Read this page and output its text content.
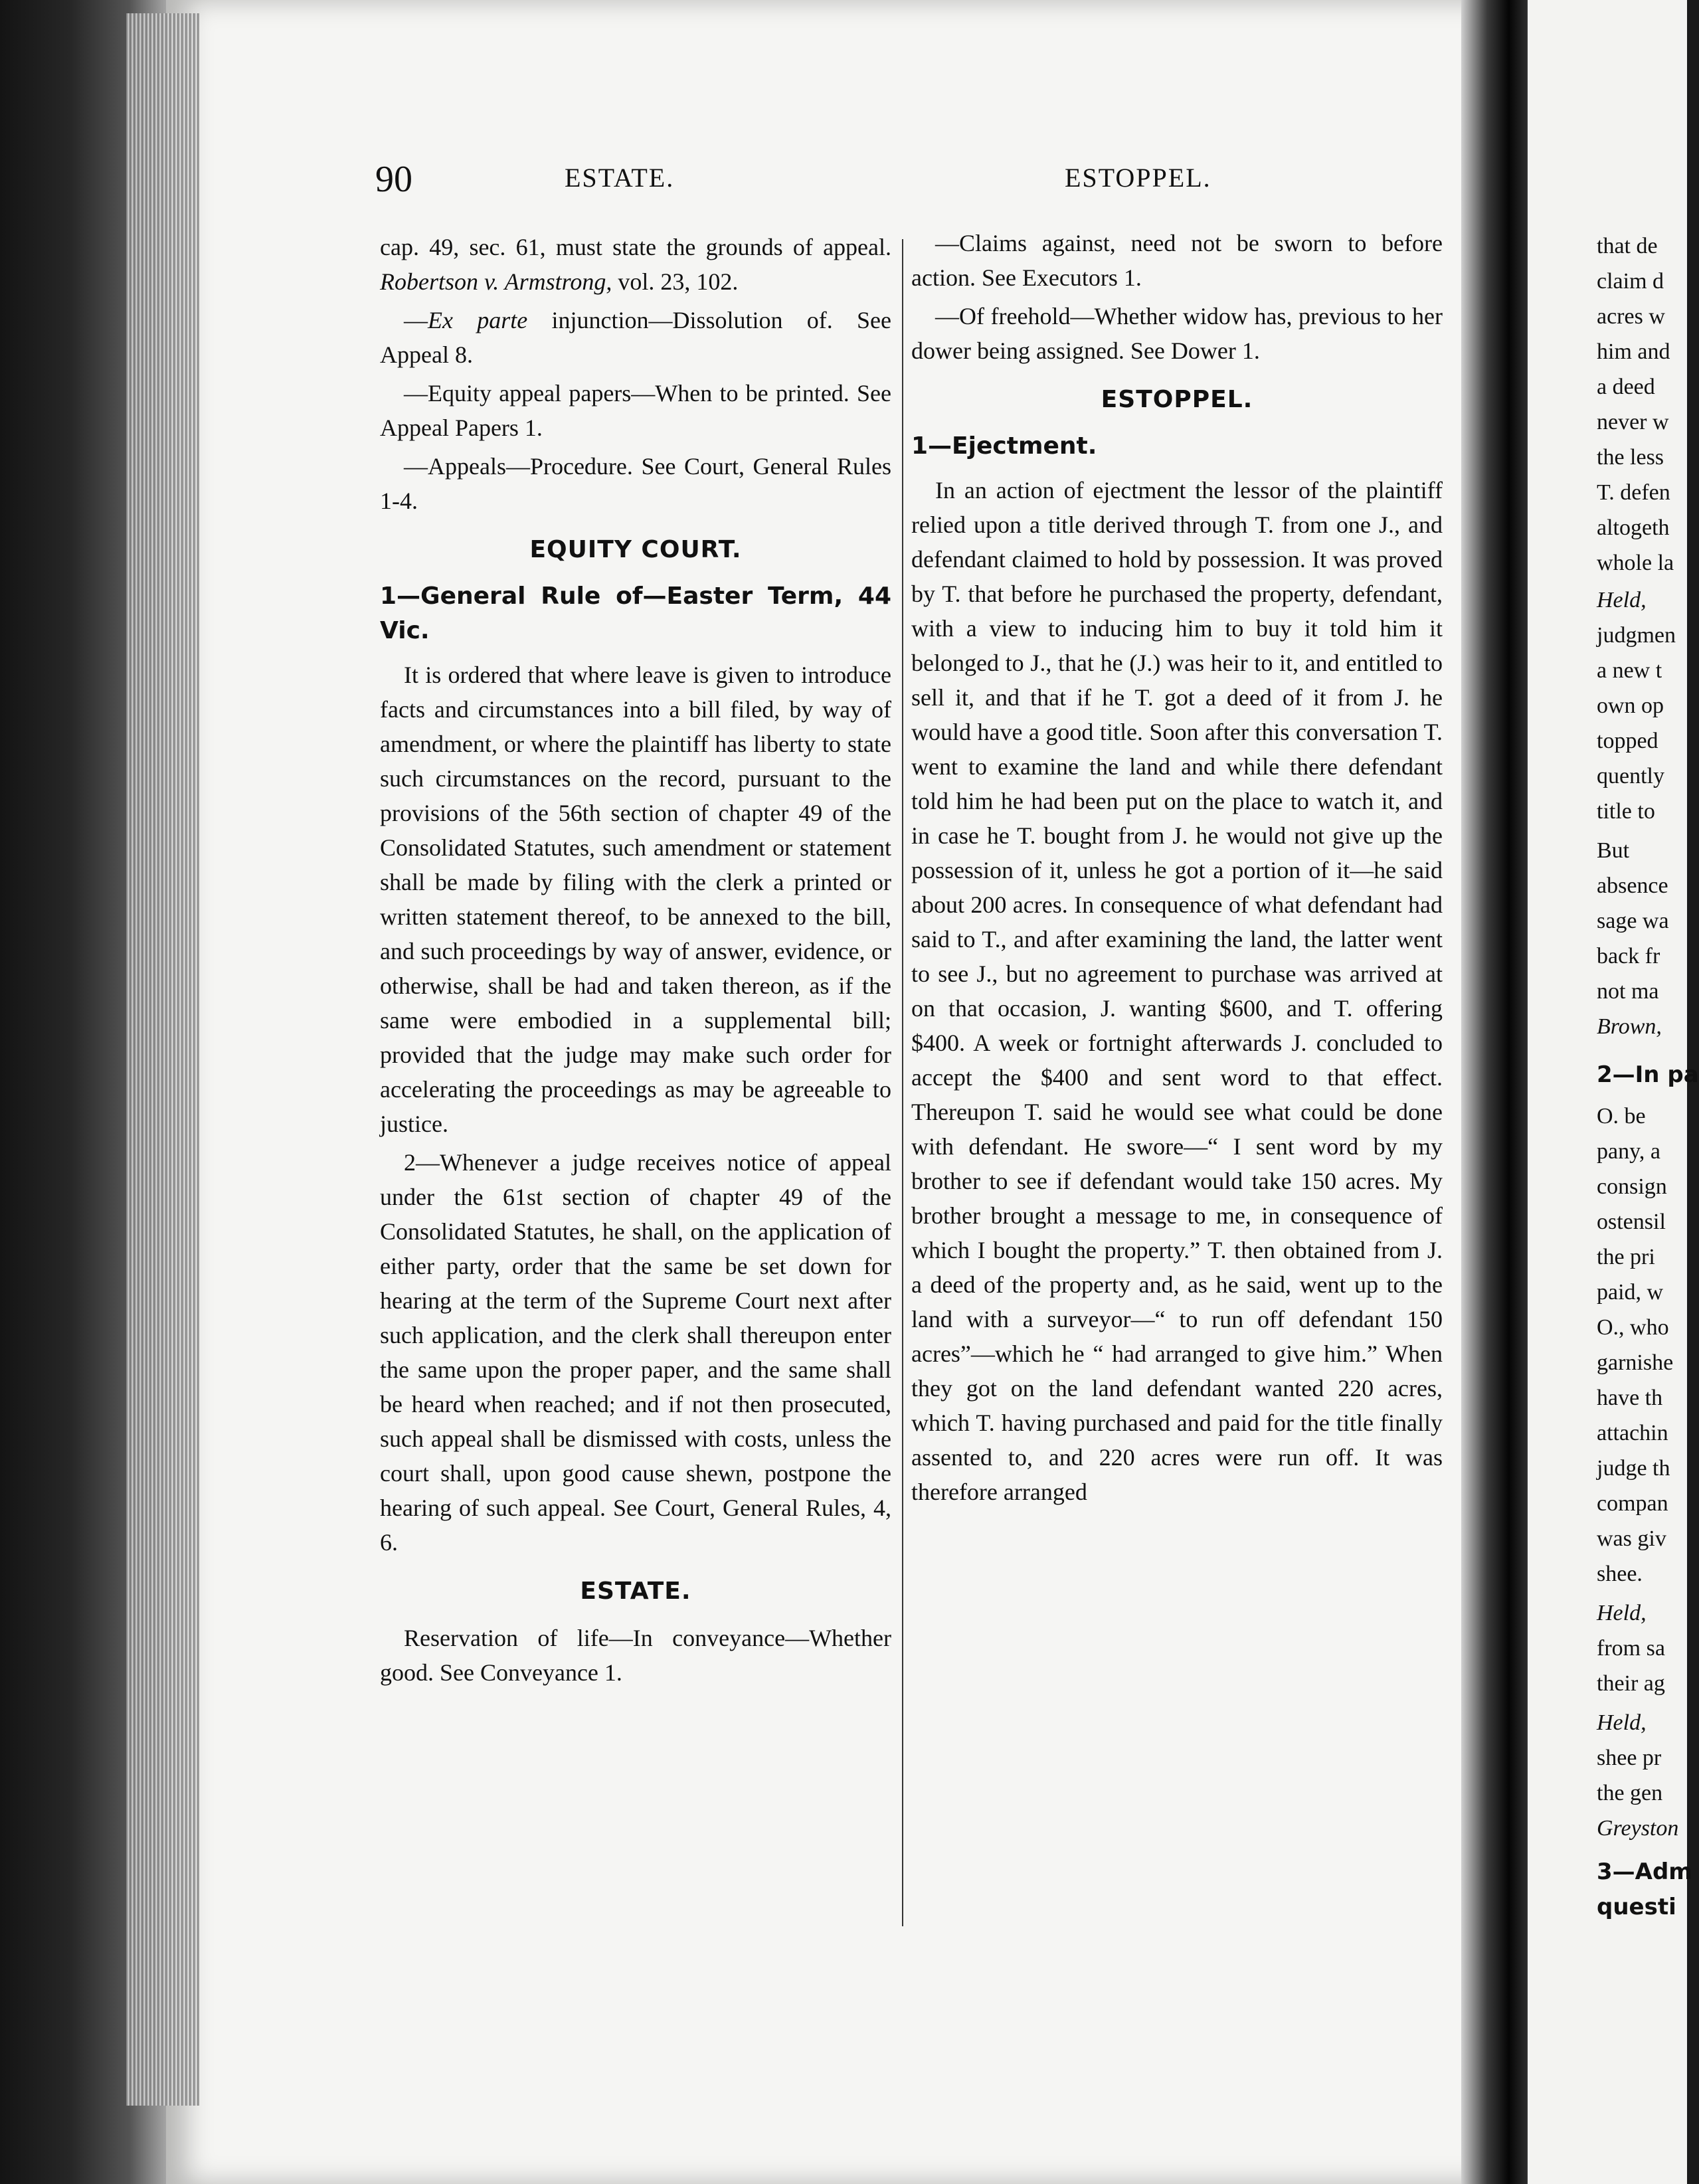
90	ESTATE.	ESTOPPEL.

cap. 49, sec. 61, must state the grounds of appeal. Robertson v. Armstrong, vol. 23, 102.

—Ex parte injunction—Dissolution of. See Appeal 8.

—Equity appeal papers—When to be printed. See Appeal Papers 1.

—Appeals—Procedure. See Court, General Rules 1-4.

EQUITY COURT.
1—General Rule of—Easter Term, 44 Vic.

It is ordered that where leave is given to introduce facts and circumstances into a bill filed, by way of amendment, or where the plaintiff has liberty to state such circumstances on the record, pursuant to the provisions of the 56th section of chapter 49 of the Consolidated Statutes, such amendment or statement shall be made by filing with the clerk a printed or written statement thereof, to be annexed to the bill, and such proceedings by way of answer, evidence, or otherwise, shall be had and taken thereon, as if the same were embodied in a supplemental bill; provided that the judge may make such order for accelerating the proceedings as may be agreeable to justice.

2—Whenever a judge receives notice of appeal under the 61st section of chapter 49 of the Consolidated Statutes, he shall, on the application of either party, order that the same be set down for hearing at the term of the Supreme Court next after such application, and the clerk shall thereupon enter the same upon the proper paper, and the same shall be heard when reached; and if not then prosecuted, such appeal shall be dismissed with costs, unless the court shall, upon good cause shewn, postpone the hearing of such appeal. See Court, General Rules, 4, 6.

ESTATE.

Reservation of life—In conveyance—Whether good. See Conveyance 1.

—Claims against, need not be sworn to before action. See Executors 1.

—Of freehold—Whether widow has, previous to her dower being assigned. See Dower 1.

ESTOPPEL.
1—Ejectment.

In an action of ejectment the lessor of the plaintiff relied upon a title derived through T. from one J., and defendant claimed to hold by possession. It was proved by T. that before he purchased the property, defendant, with a view to inducing him to buy it told him it belonged to J., that he (J.) was heir to it, and entitled to sell it, and that if he T. got a deed of it from J. he would have a good title. Soon after this conversation T. went to examine the land and while there defendant told him he had been put on the place to watch it, and in case he T. bought from J. he would not give up the possession of it, unless he got a portion of it—he said about 200 acres. In consequence of what defendant had said to T., and after examining the land, the latter went to see J., but no agreement to purchase was arrived at on that occasion, J. wanting $600, and T. offering $400. A week or fortnight afterwards J. concluded to accept the $400 and sent word to that effect. Thereupon T. said he would see what could be done with defendant. He swore—“ I sent word by my brother to see if defendant would take 150 acres. My brother brought a message to me, in consequence of which I bought the property.” T. then obtained from J. a deed of the property and, as he said, went up to the land with a surveyor—“ to run off defendant 150 acres”—which he “ had arranged to give him.” When they got on the land defendant wanted 220 acres, which T. having purchased and paid for the title finally assented to, and 220 acres were run off. It was therefore arranged

that de
claim d
acres w
him and
a deed
never w
the less
T. defen
altogeth
whole la
Held,
judgmen
a new t
own op
topped
quently
title to
But
absence
sage wa
back fr
not ma
Brown,
2—In pa
O. be
pany, a
consign
ostensil
the pri
paid, w
O., who
garnishe
have th
attachin
judge th
compan
was giv
shee.
Held,
from sa
their ag
Held,
shee pr
the gen
Greyston
3—Adm
questi
